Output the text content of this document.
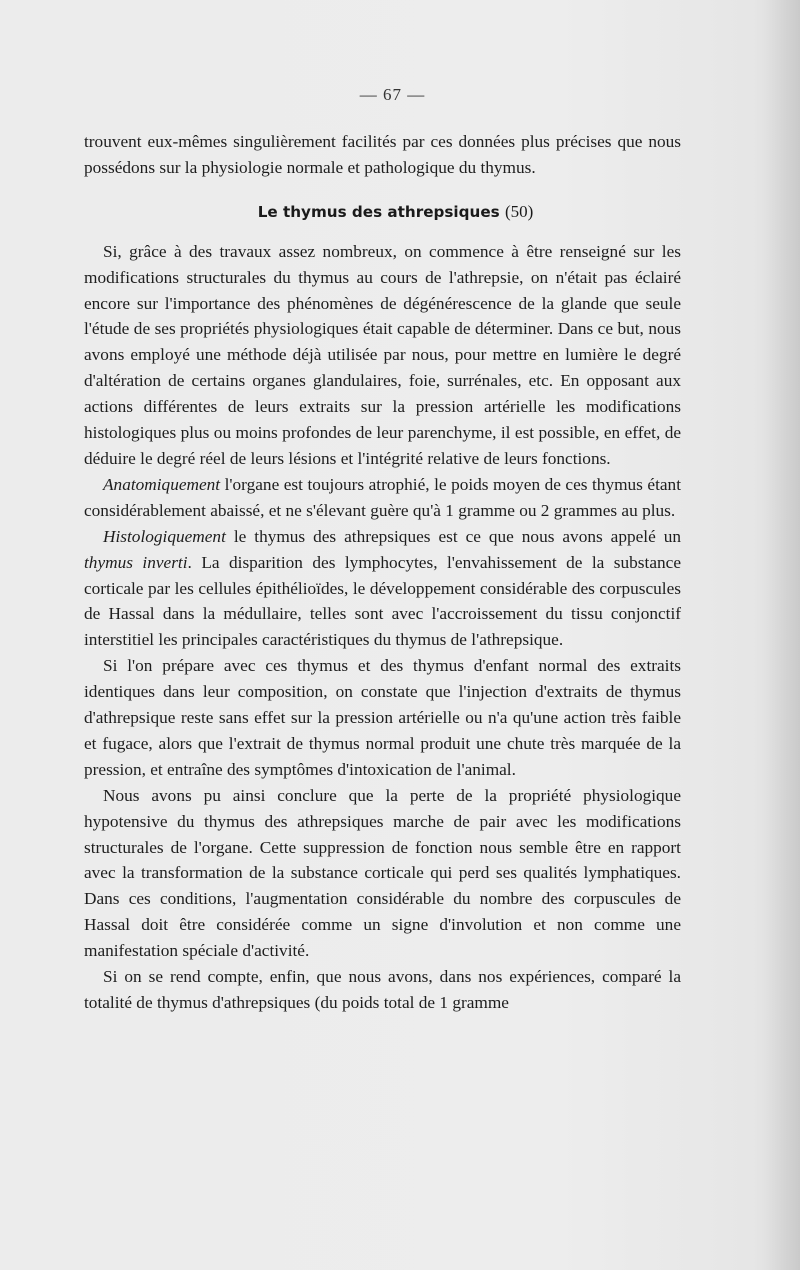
— 67 —

trouvent eux-mêmes singulièrement facilités par ces données plus précises que nous possédons sur la physiologie normale et pathologique du thymus.

Le thymus des athrepsiques (50)

Si, grâce à des travaux assez nombreux, on commence à être renseigné sur les modifications structurales du thymus au cours de l'athrepsie, on n'était pas éclairé encore sur l'importance des phénomènes de dégénérescence de la glande que seule l'étude de ses propriétés physiologiques était capable de déterminer. Dans ce but, nous avons employé une méthode déjà utilisée par nous, pour mettre en lumière le degré d'altération de certains organes glandulaires, foie, surrénales, etc. En opposant aux actions différentes de leurs extraits sur la pression artérielle les modifications histologiques plus ou moins profondes de leur parenchyme, il est possible, en effet, de déduire le degré réel de leurs lésions et l'intégrité relative de leurs fonctions.

Anatomiquement l'organe est toujours atrophié, le poids moyen de ces thymus étant considérablement abaissé, et ne s'élevant guère qu'à 1 gramme ou 2 grammes au plus.

Histologiquement le thymus des athrepsiques est ce que nous avons appelé un thymus inverti. La disparition des lymphocytes, l'envahissement de la substance corticale par les cellules épithélioïdes, le développement considérable des corpuscules de Hassal dans la médullaire, telles sont avec l'accroissement du tissu conjonctif interstitiel les principales caractéristiques du thymus de l'athrepsique.

Si l'on prépare avec ces thymus et des thymus d'enfant normal des extraits identiques dans leur composition, on constate que l'injection d'extraits de thymus d'athrepsique reste sans effet sur la pression artérielle ou n'a qu'une action très faible et fugace, alors que l'extrait de thymus normal produit une chute très marquée de la pression, et entraîne des symptômes d'intoxication de l'animal.

Nous avons pu ainsi conclure que la perte de la propriété physiologique hypotensive du thymus des athrepsiques marche de pair avec les modifications structurales de l'organe. Cette suppression de fonction nous semble être en rapport avec la transformation de la substance corticale qui perd ses qualités lymphatiques. Dans ces conditions, l'augmentation considérable du nombre des corpuscules de Hassal doit être considérée comme un signe d'involution et non comme une manifestation spéciale d'activité.

Si on se rend compte, enfin, que nous avons, dans nos expériences, comparé la totalité de thymus d'athrepsiques (du poids total de 1 gramme
